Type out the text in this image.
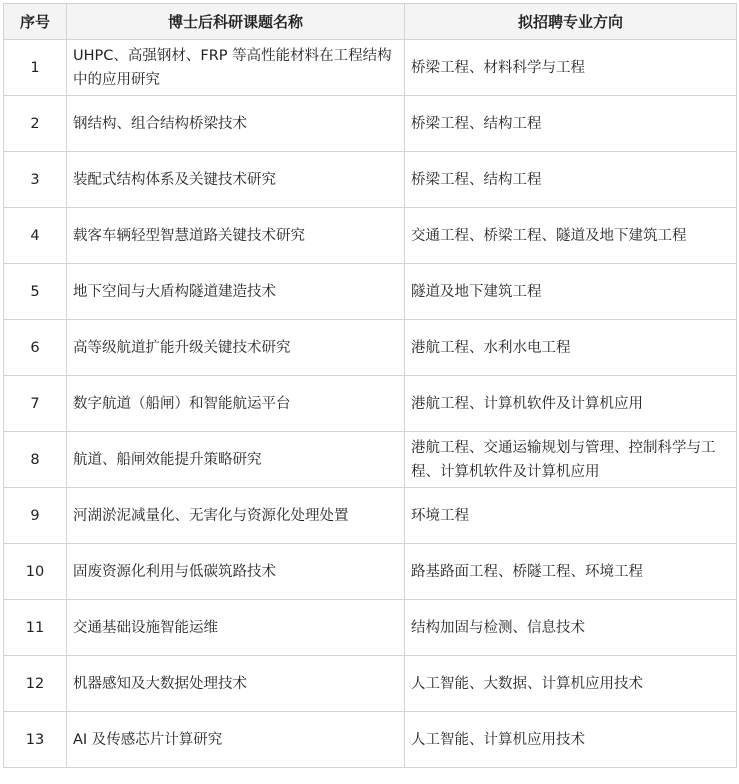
序号	博士后科研课题名称	拟招聘专业方向
1	UHPC、高强钢材、FRP 等高性能材料在工程结构中的应用研究	桥梁工程、材料科学与工程
2	钢结构、组合结构桥梁技术	桥梁工程、结构工程
3	装配式结构体系及关键技术研究	桥梁工程、结构工程
4	载客车辆轻型智慧道路关键技术研究	交通工程、桥梁工程、隧道及地下建筑工程
5	地下空间与大盾构隧道建造技术	隧道及地下建筑工程
6	高等级航道扩能升级关键技术研究	港航工程、水利水电工程
7	数字航道（船闸）和智能航运平台	港航工程、计算机软件及计算机应用
8	航道、船闸效能提升策略研究	港航工程、交通运输规划与管理、控制科学与工程、计算机软件及计算机应用
9	河湖淤泥减量化、无害化与资源化处理处置	环境工程
10	固废资源化利用与低碳筑路技术	路基路面工程、桥隧工程、环境工程
11	交通基础设施智能运维	结构加固与检测、信息技术
12	机器感知及大数据处理技术	人工智能、大数据、计算机应用技术
13	AI 及传感芯片计算研究	人工智能、计算机应用技术
